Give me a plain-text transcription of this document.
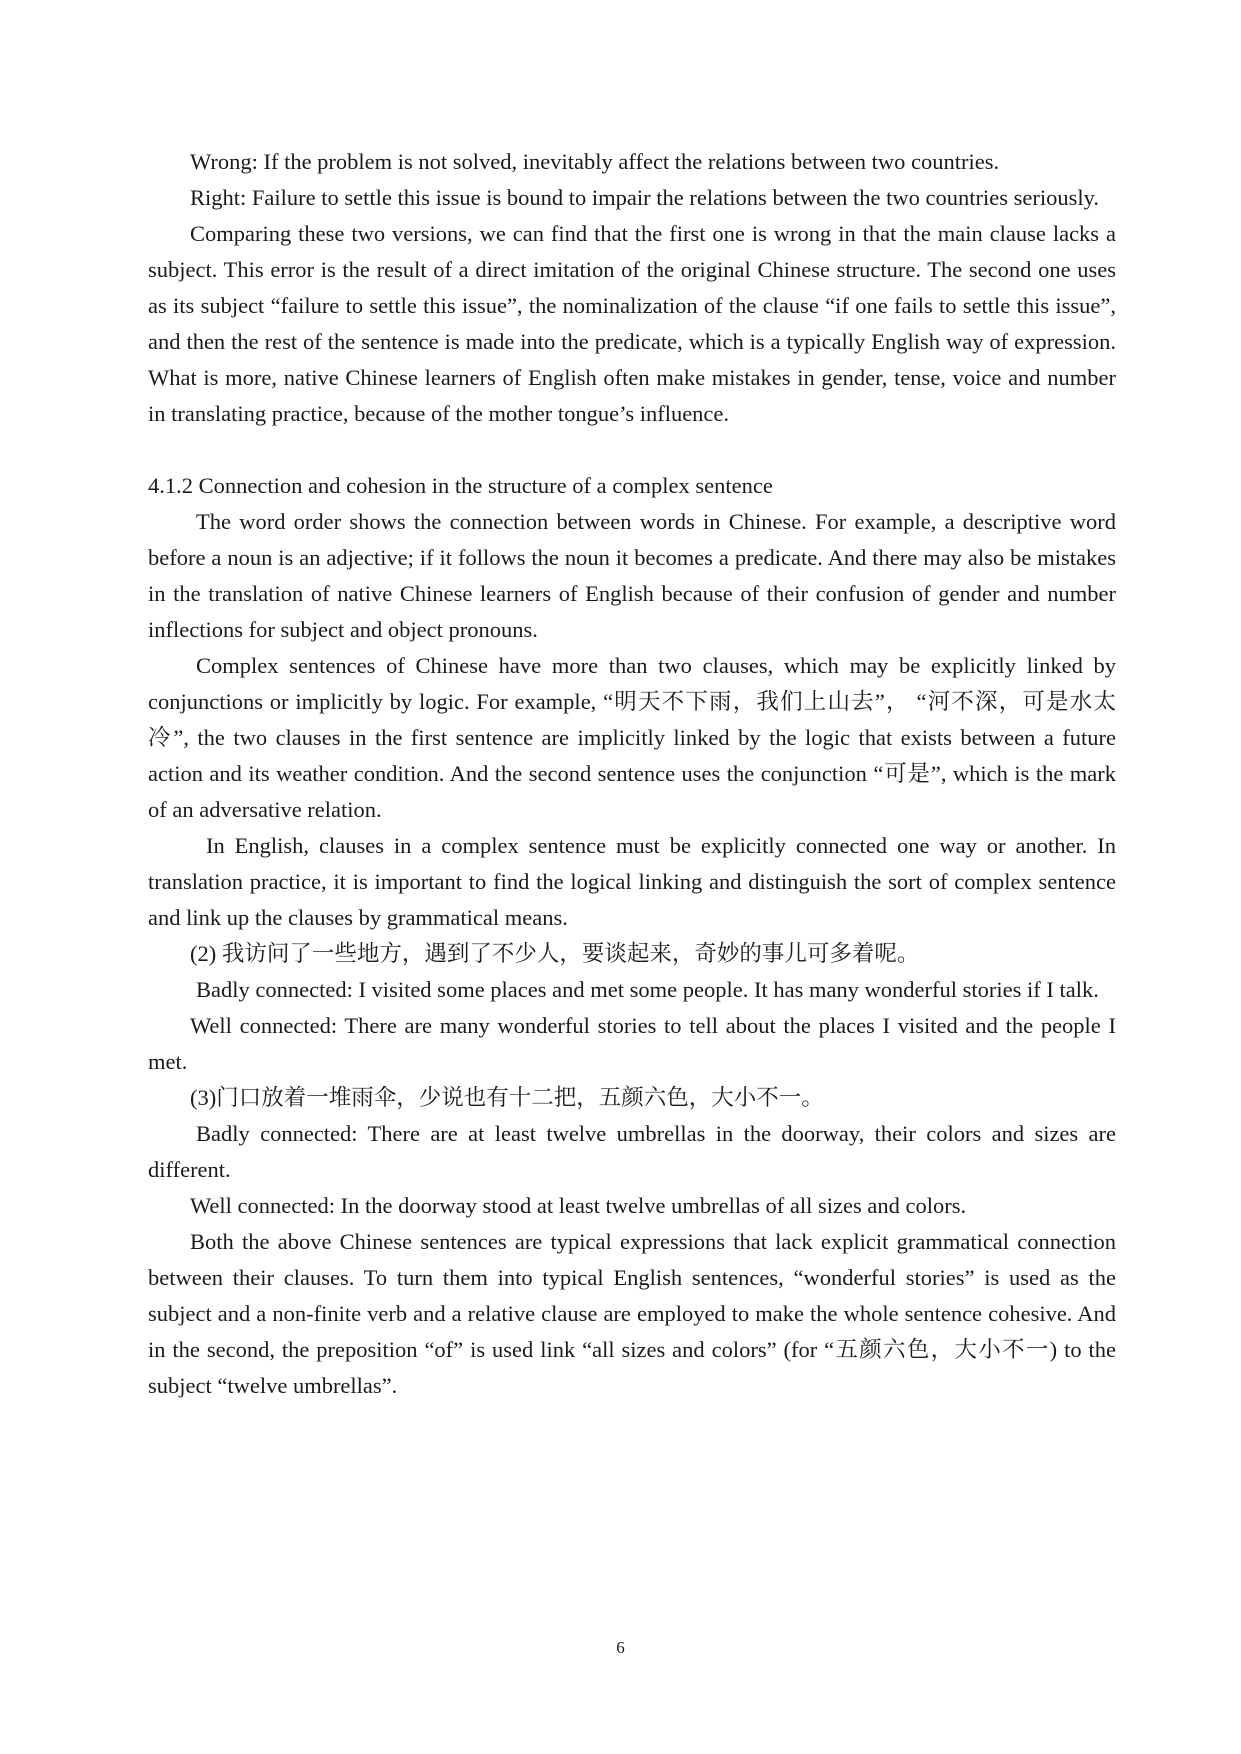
Wrong: If the problem is not solved, inevitably affect the relations between two countries.

Right: Failure to settle this issue is bound to impair the relations between the two countries seriously.

Comparing these two versions, we can find that the first one is wrong in that the main clause lacks a subject. This error is the result of a direct imitation of the original Chinese structure. The second one uses as its subject “failure to settle this issue”, the nominalization of the clause “if one fails to settle this issue”, and then the rest of the sentence is made into the predicate, which is a typically English way of expression. What is more, native Chinese learners of English often make mistakes in gender, tense, voice and number in translating practice, because of the mother tongue’s influence.

4.1.2 Connection and cohesion in the structure of a complex sentence

The word order shows the connection between words in Chinese. For example, a descriptive word before a noun is an adjective; if it follows the noun it becomes a predicate. And there may also be mistakes in the translation of native Chinese learners of English because of their confusion of gender and number inflections for subject and object pronouns.

Complex sentences of Chinese have more than two clauses, which may be explicitly linked by conjunctions or implicitly by logic. For example, “明天不下雨，我们上山去”， “河不深，可是水太冷”, the two clauses in the first sentence are implicitly linked by the logic that exists between a future action and its weather condition. And the second sentence uses the conjunction “可是”, which is the mark of an adversative relation.

In English, clauses in a complex sentence must be explicitly connected one way or another. In translation practice, it is important to find the logical linking and distinguish the sort of complex sentence and link up the clauses by grammatical means.

(2) 我访问了一些地方，遇到了不少人，要谈起来，奇妙的事儿可多着呢。

Badly connected: I visited some places and met some people. It has many wonderful stories if I talk.

Well connected: There are many wonderful stories to tell about the places I visited and the people I met.

(3)门口放着一堆雨伞，少说也有十二把，五颜六色，大小不一。

Badly connected: There are at least twelve umbrellas in the doorway, their colors and sizes are different.

Well connected: In the doorway stood at least twelve umbrellas of all sizes and colors.

Both the above Chinese sentences are typical expressions that lack explicit grammatical connection between their clauses. To turn them into typical English sentences, “wonderful stories” is used as the subject and a non-finite verb and a relative clause are employed to make the whole sentence cohesive. And in the second, the preposition “of” is used link “all sizes and colors” (for “五颜六色，大小不一) to the subject “twelve umbrellas”.

6
